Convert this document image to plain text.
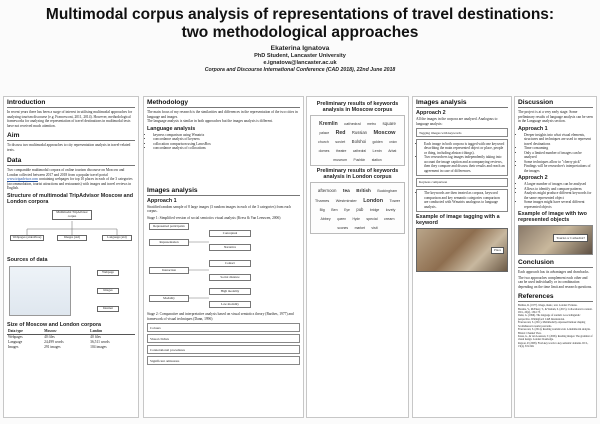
Multimodal corpus analysis of representations of travel destinations:
two methodological approaches
Ekaterina Ignatova
PhD Student, Lancaster University
e.ignatova@lancaster.ac.uk
Corpora and Discourse International Conference (CAD 2018), 22nd June 2018
Introduction

In recent years there has been a surge of interest in utilising multimodal approaches for analysing tourism discourse (e.g. Francesconi, 2011, 2014). However, methodological frameworks for analysing the representation of travel destinations in multimodal texts have not received much attention.

Aim

To discuss two multimodal approaches to city representation analysis in travel-related texts.

Data

Two comparable multimodal corpora of online tourism discourse on Moscow and London collected between 2017 and 2018 from a popular travel portal www.tripadvisor.com containing webpages for top 10 places in each of the 3 categories (accommodation, tourist attractions and restaurants) with images and travel reviews in English.

Structure of multimodal TripAdvisor Moscow and London corpora
Multimodal TripAdvisor corpus
Webpages (aided/free)	Images (aid)	Language (aid)
Sources of data
Webpage
Images
Internet
Size of Moscow and London corpora
Data type	Moscow	London
Webpages	40 files	40 files
Language	24,499 words	36,511 words
Images	291 images	104 images
Methodology

The main focus of my research is the similarities and differences in the representation of the two cities in language and images.

The language analysis is similar in both approaches but the images analysis is different.

Language analysis
• keyness comparison using Wmatrix
• concordance analysis of keyness
• collocation comparison using LancsBox
• concordance analysis of collocations
Images analysis
Approach 1

Stratified random sample of 8 large images (3 random images in each of the 3 categories) from each corpus.

Stage 1: Simplified version of social semiotics visual analysis (Kress & Van Leeuwen, 2006)

Represented participants
Representation
Interaction
Modality
Conceptual
Narrative
Contact
Social distance
High modality
Low modality

Stage 2: Comparative and interpretative analysis based on visual semiotics theory (Barthes, 1977) and framework of visual techniques (Dann, 1996)

Colours
Visual clichés
Connotational procedures
Significant omissions
Preliminary results of keywords analysis in Moscow corpus
Kremlin cathedral metro square palace Red Russian Moscow church soviet Bolshoi golden onion domes theatre cathedral Lenin Arbat museum Pushkin station
Preliminary results of keywords analysis in London corpus
afternoon tea British Buckingham Thames Westminster London Tower Big Ben Eye pub bridge lovely Abbey queen Hyde special cream scones market visit
Images analysis
Approach 2

All the images in the corpora are analysed. Analogous to language analysis:

Tagging images with keywords
• Each image in both corpora is tagged with one keyword describing the main represented object or place, people or thing, including abstract things).
• Two researchers tag images independently taking into account the image caption and accompanying reviews, then they compare and discuss their results and reach an agreement in case of differences.
Keyness comparison
• The keywords are then treated as corpora, keyword comparison and key semantic categories comparison are conducted with Wmatrix analogous to language analysis.
Example of image tagging with a keyword
Place
Discussion

The project is at a very early stage. Some preliminary results of language analysis can be seen in the Language analysis section.

Approach 1
• Deeper insights into what visual elements, structures and techniques are used to represent travel destinations
• Time consuming
• Only a limited number of images can be analysed
• Some techniques allow to "cherry pick"
• Findings will be researcher's interpretations of the images
Approach 2
• A larger number of images can be analysed
• Allows to identify and compare patterns
• Analysis might produce different keywords for the same represented object
• Some images might have several different represented objects
Example of image with two represented objects
Tourist or Cathedral?
Conclusion

Each approach has its advantages and drawbacks.

The two approaches complement each other and can be used individually or in combination depending on the time limit and research questions.

References

Barthes, R. (1977). Image, music, text. London: Fontana.

Brezina, V., McEnery, T., & Wattam, S. (2015). Collocations in context. IJCL, 20(2), 139-173.

Dann, G. (1996). The language of tourism: A sociolinguistic perspective. Wallingford: CAB International.

Francesconi, S. (2011). Multimodally expressed humour shaping Scottishness in tourist postcards.

Francesconi, S. (2014). Reading tourism texts: A multimodal analysis. Bristol: Channel View.

Kress, G., & van Leeuwen, T. (2006). Reading images: The grammar of visual design. London: Routledge.

Rayson, P. (2008). From key words to key semantic domains. IJCL, 13(4), 519-549.
